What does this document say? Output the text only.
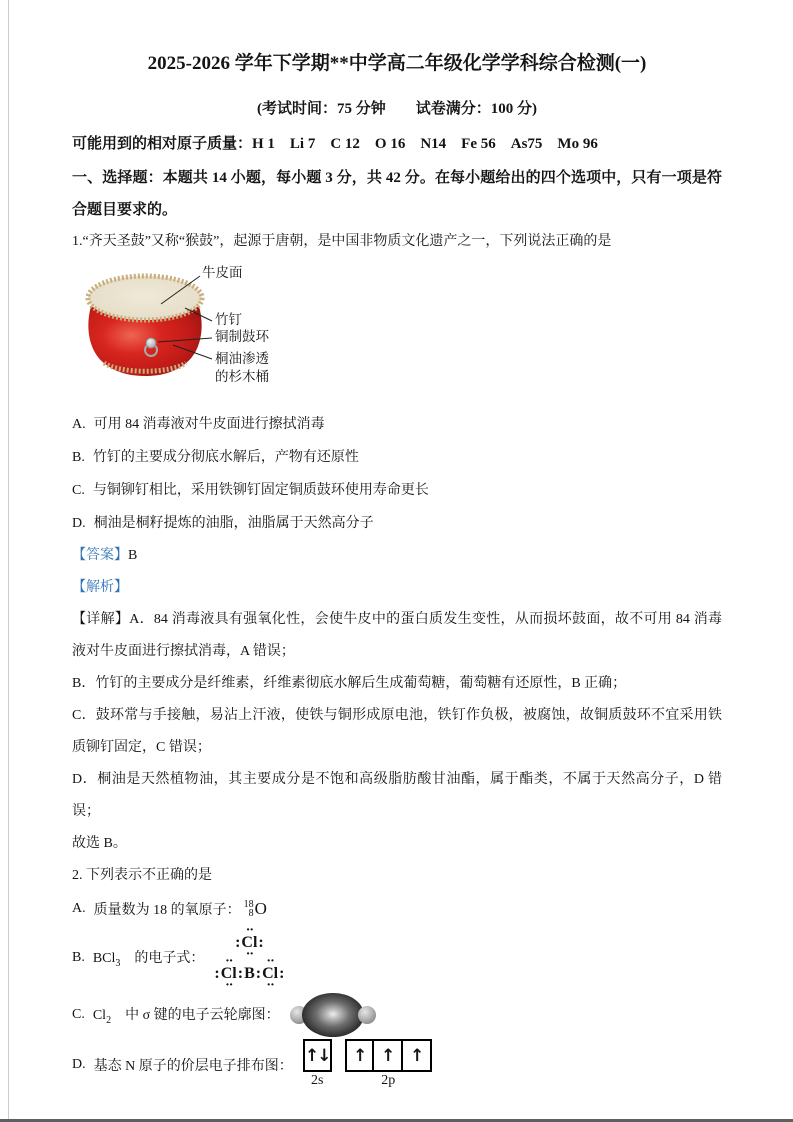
2025-2026 学年下学期**中学高二年级化学学科综合检测(一)
(考试时间：75 分钟　　试卷满分：100 分)
可能用到的相对原子质量：H 1　Li 7　C 12　O 16　N14　Fe 56　As75　Mo 96
一、选择题：本题共 14 小题，每小题 3 分，共 42 分。在每小题给出的四个选项中，只有一项是符合题目要求的。
1.“齐天圣鼓”又称“猴鼓”，起源于唐朝，是中国非物质文化遗产之一，下列说法正确的是
牛皮面
竹钉
铜制鼓环
桐油渗透
的杉木桶
A. 可用 84 消毒液对牛皮面进行擦拭消毒
B. 竹钉的主要成分彻底水解后，产物有还原性
C. 与铜铆钉相比，采用铁铆钉固定铜质鼓环使用寿命更长
D. 桐油是桐籽提炼的油脂，油脂属于天然高分子
【答案】B
【解析】

【详解】A．84 消毒液具有强氧化性，会使牛皮中的蛋白质发生变性，从而损坏鼓面，故不可用 84 消毒液对牛皮面进行擦拭消毒，A 错误；

B．竹钉的主要成分是纤维素，纤维素彻底水解后生成葡萄糖，葡萄糖有还原性，B 正确；

C．鼓环常与手接触，易沾上汗液，使铁与铜形成原电池，铁钉作负极，被腐蚀，故铜质鼓环不宜采用铁质铆钉固定，C 错误；

D．桐油是天然植物油，其主要成分是不饱和高级脂肪酸甘油酯，属于酯类，不属于天然高分子，D 错误；

故选 B。

2. 下列表示不正确的是
A. 质量数为 18 的氧原子： 18
8 O
B. BCl$_3$　 的电子式：
:
··
Cl
··
:
:
··
Cl
··
: B :
··
Cl
··
:
C. $Cl_2$　 中 σ 键的电子云轮廓图：
D. 基态 N 原子的价层电子排布图：
↑↓	↑ ↑ ↑
2s	2p
